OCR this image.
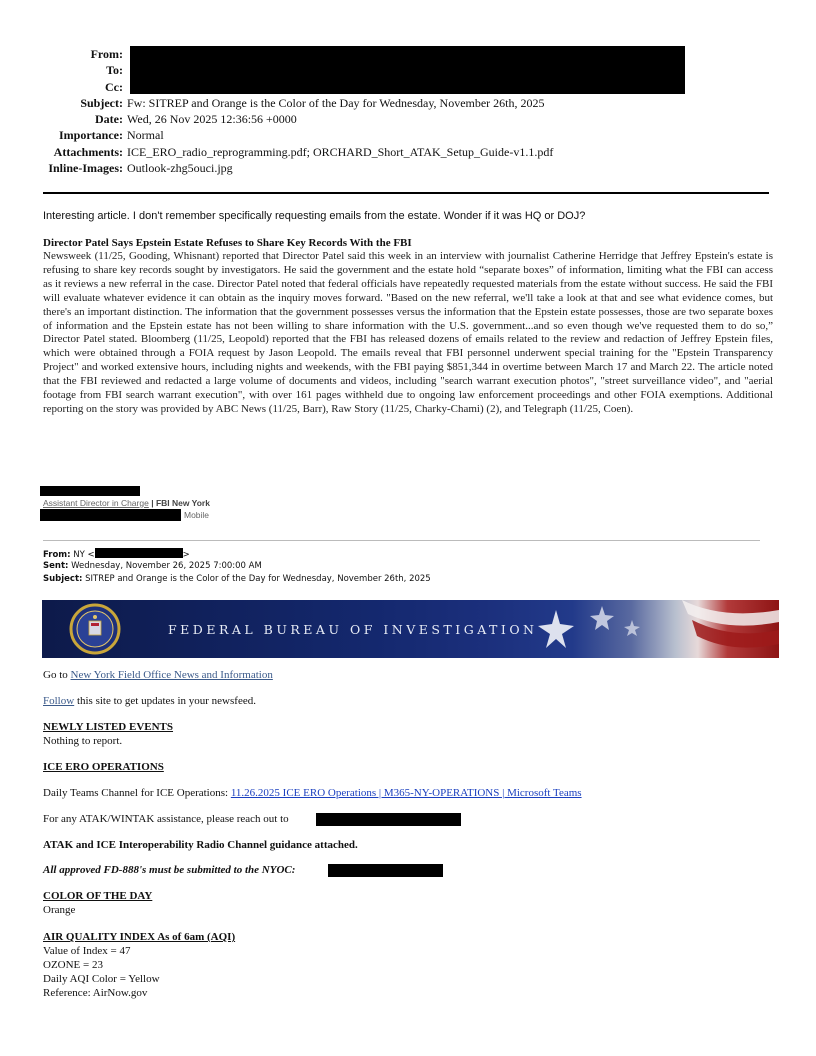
From:
To:
Cc:
Subject: Fw: SITREP and Orange is the Color of the Day for Wednesday, November 26th, 2025
Date: Wed, 26 Nov 2025 12:36:56 +0000
Importance: Normal
Attachments: ICE_ERO_radio_reprogramming.pdf; ORCHARD_Short_ATAK_Setup_Guide-v1.1.pdf
Inline-Images: Outlook-zhg5ouci.jpg
Interesting article. I don't remember specifically requesting emails from the estate. Wonder if it was HQ or DOJ?
Director Patel Says Epstein Estate Refuses to Share Key Records With the FBI
Newsweek (11/25, Gooding, Whisnant) reported that Director Patel said this week in an interview with journalist Catherine Herridge that Jeffrey Epstein's estate is refusing to share key records sought by investigators. He said the government and the estate hold “separate boxes” of information, limiting what the FBI can access as it reviews a new referral in the case. Director Patel noted that federal officials have repeatedly requested materials from the estate without success. He said the FBI will evaluate whatever evidence it can obtain as the inquiry moves forward. "Based on the new referral, we'll take a look at that and see what evidence comes, but there's an important distinction. The information that the government possesses versus the information that the Epstein estate possesses, those are two separate boxes of information and the Epstein estate has not been willing to share information with the U.S. government...and so even though we've requested them to do so,” Director Patel stated. Bloomberg (11/25, Leopold) reported that the FBI has released dozens of emails related to the review and redaction of Jeffrey Epstein files, which were obtained through a FOIA request by Jason Leopold. The emails reveal that FBI personnel underwent special training for the "Epstein Transparency Project" and worked extensive hours, including nights and weekends, with the FBI paying $851,344 in overtime between March 17 and March 22. The article noted that the FBI reviewed and redacted a large volume of documents and videos, including "search warrant execution photos", "street surveillance video", and "aerial footage from FBI search warrant execution", with over 161 pages withheld due to ongoing law enforcement proceedings and other FOIA exemptions. Additional reporting on the story was provided by ABC News (11/25, Barr), Raw Story (11/25, Charky-Chami) (2), and Telegraph (11/25, Coen).
Assistant Director in Charge | FBI New York
Mobile
From: NY <	>
Sent: Wednesday, November 26, 2025 7:00:00 AM
Subject: SITREP and Orange is the Color of the Day for Wednesday, November 26th, 2025
FEDERAL BUREAU OF INVESTIGATION
Go to New York Field Office News and Information
Follow this site to get updates in your newsfeed.
NEWLY LISTED EVENTS
Nothing to report.
ICE ERO OPERATIONS
Daily Teams Channel for ICE Operations: 11.26.2025 ICE ERO Operations | M365-NY-OPERATIONS | Microsoft Teams
For any ATAK/WINTAK assistance, please reach out to
ATAK and ICE Interoperability Radio Channel guidance attached.
All approved FD-888's must be submitted to the NYOC:
COLOR OF THE DAY
Orange
AIR QUALITY INDEX As of 6am (AQI)
Value of Index = 47
OZONE = 23
Daily AQI Color = Yellow
Reference: AirNow.gov
